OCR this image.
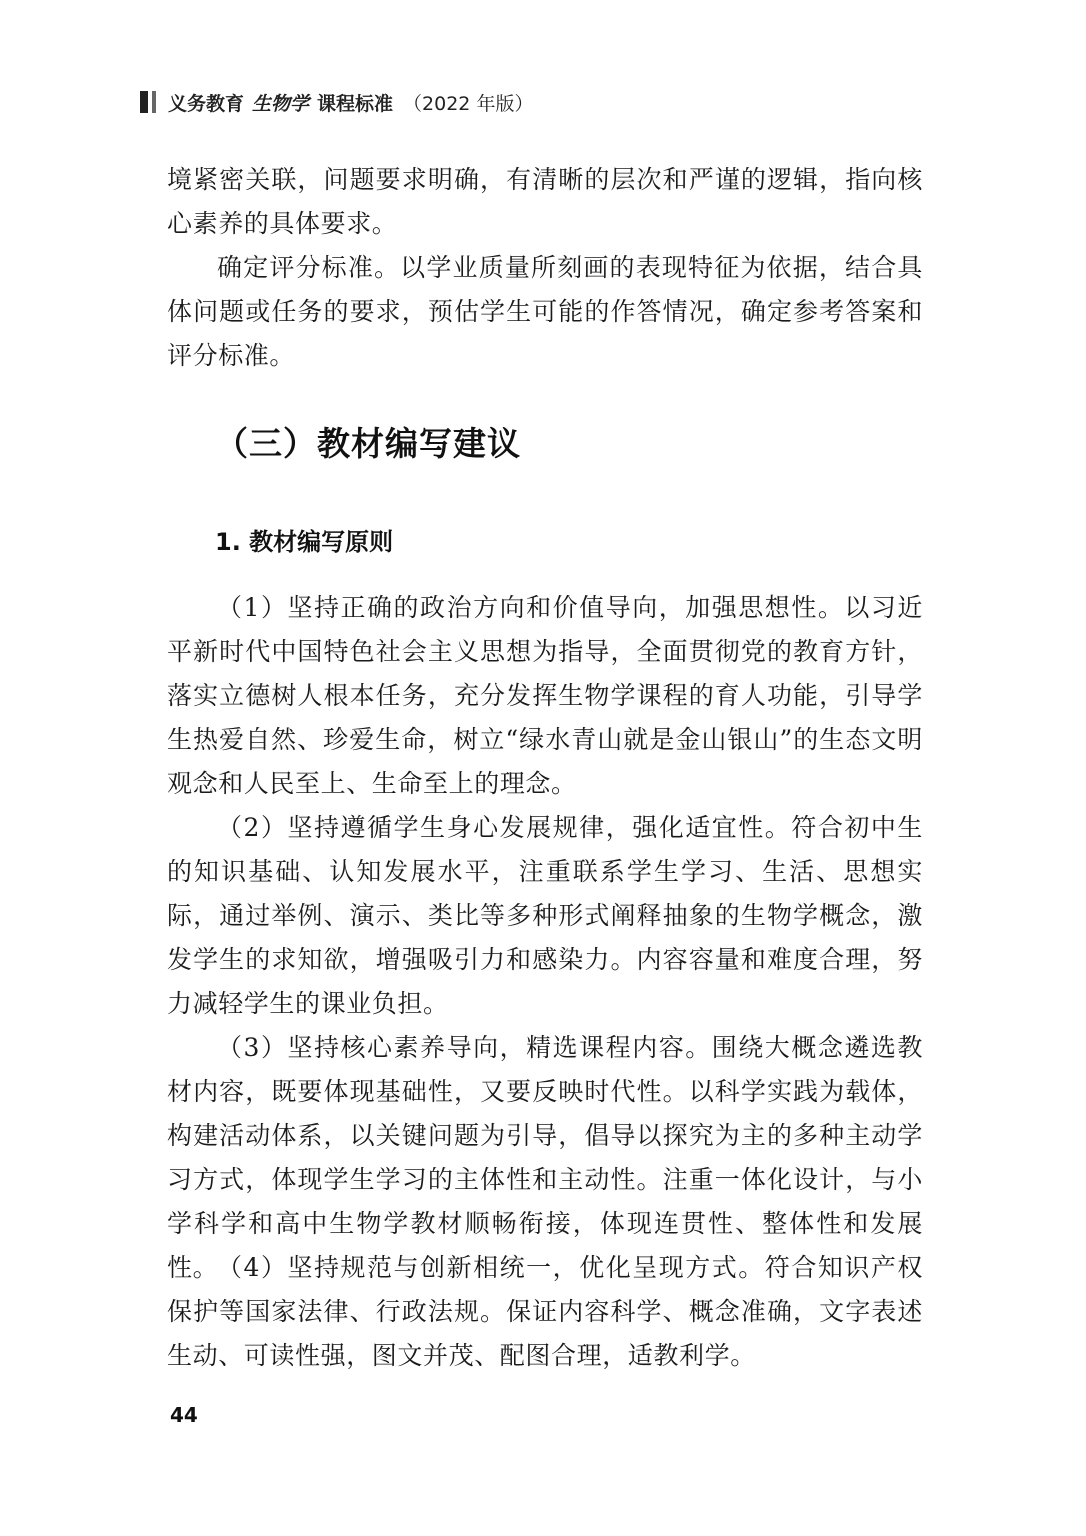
义务教育 生物学 课程标准 （2022 年版）

境紧密关联，问题要求明确，有清晰的层次和严谨的逻辑，指向核心素养的具体要求。

确定评分标准。以学业质量所刻画的表现特征为依据，结合具体问题或任务的要求，预估学生可能的作答情况，确定参考答案和评分标准。

（三）教材编写建议
1. 教材编写原则

（1）坚持正确的政治方向和价值导向，加强思想性。以习近平新时代中国特色社会主义思想为指导，全面贯彻党的教育方针，落实立德树人根本任务，充分发挥生物学课程的育人功能，引导学生热爱自然、珍爱生命，树立“绿水青山就是金山银山”的生态文明观念和人民至上、生命至上的理念。

（2）坚持遵循学生身心发展规律，强化适宜性。符合初中生的知识基础、认知发展水平，注重联系学生学习、生活、思想实际，通过举例、演示、类比等多种形式阐释抽象的生物学概念，激发学生的求知欲，增强吸引力和感染力。内容容量和难度合理，努力减轻学生的课业负担。

（3）坚持核心素养导向，精选课程内容。围绕大概念遴选教材内容，既要体现基础性，又要反映时代性。以科学实践为载体，构建活动体系，以关键问题为引导，倡导以探究为主的多种主动学习方式，体现学生学习的主体性和主动性。注重一体化设计，与小学科学和高中生物学教材顺畅衔接，体现连贯性、整体性和发展性。

（4）坚持规范与创新相统一，优化呈现方式。符合知识产权保护等国家法律、行政法规。保证内容科学、概念准确，文字表述生动、可读性强，图文并茂、配图合理，适教利学。

44
